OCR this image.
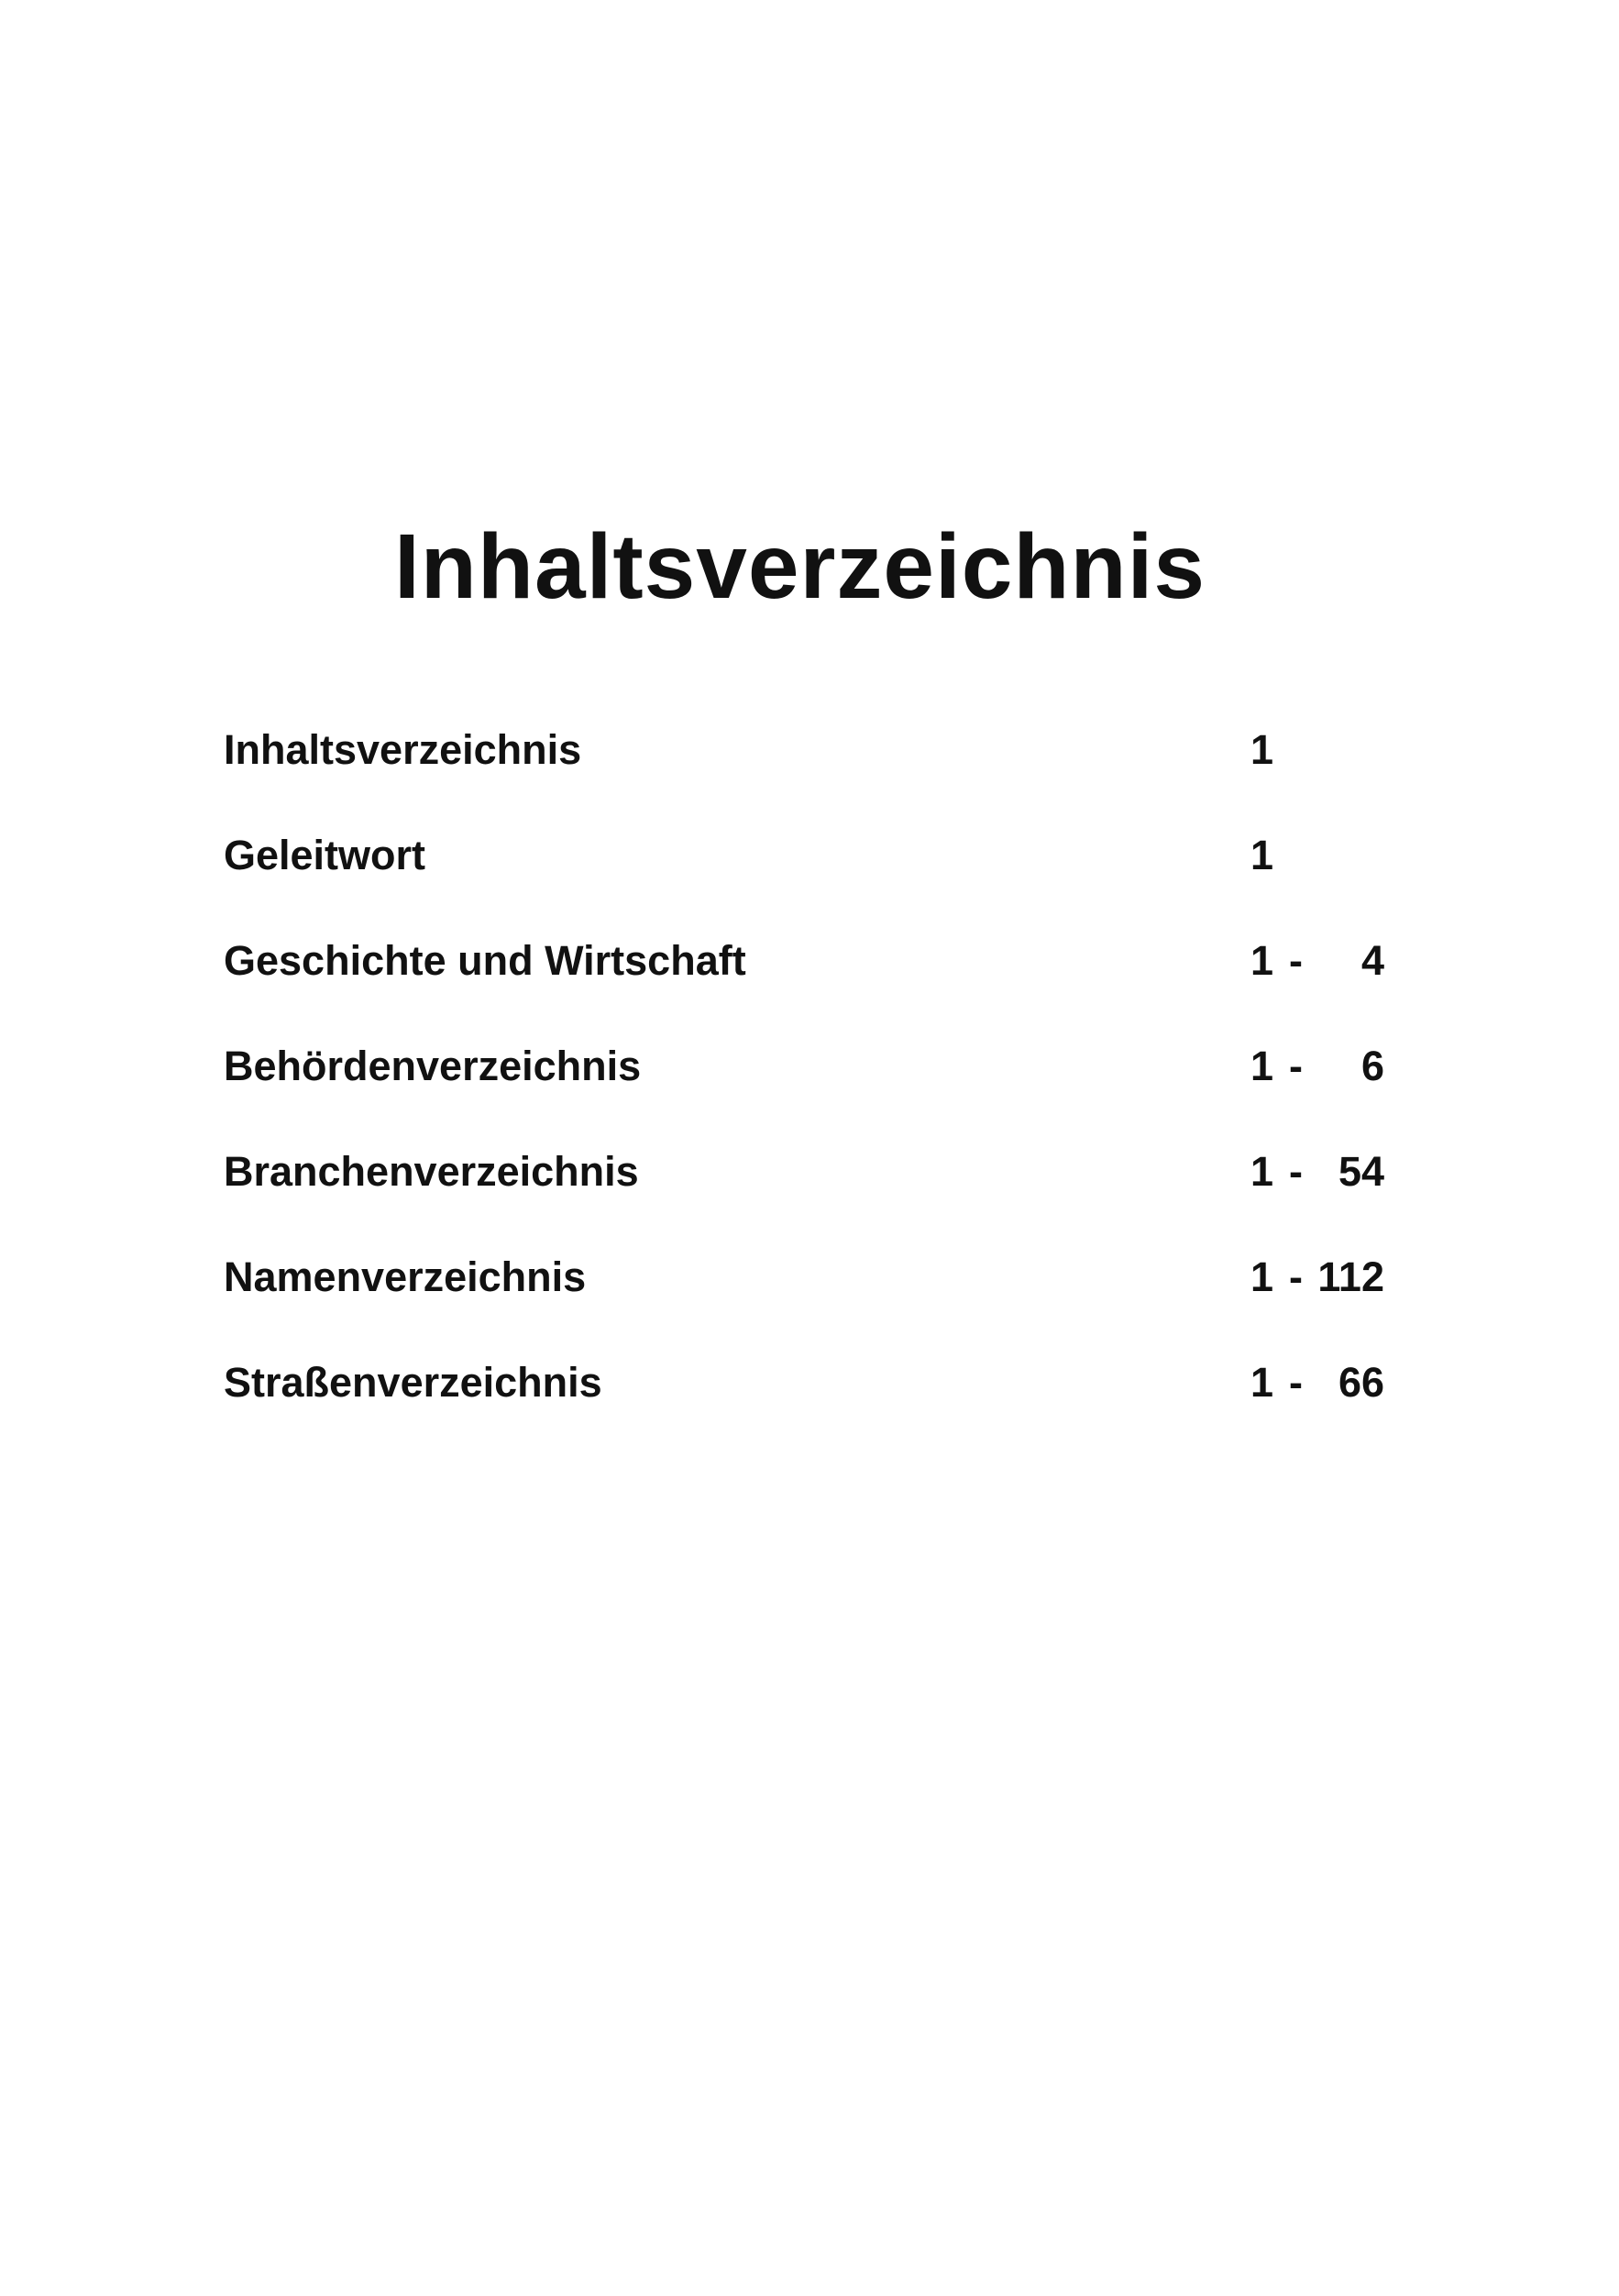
Inhaltsverzeichnis
Inhaltsverzeichnis	1
Geleitwort	1
Geschichte und Wirtschaft	1 - 4
Behördenverzeichnis	1 - 6
Branchenverzeichnis	1 - 54
Namenverzeichnis	1 - 112
Straßenverzeichnis	1 - 66
